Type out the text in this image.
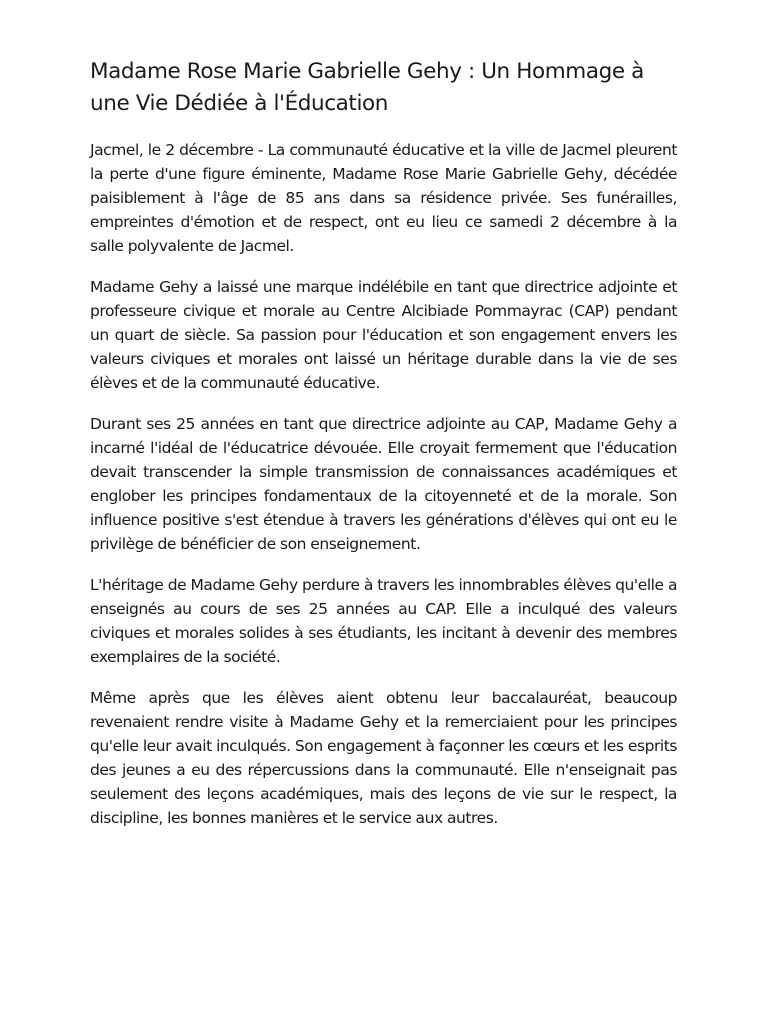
Madame Rose Marie Gabrielle Gehy : Un Hommage à une Vie Dédiée à l'Éducation

Jacmel, le 2 décembre - La communauté éducative et la ville de Jacmel pleurent la perte d'une figure éminente, Madame Rose Marie Gabrielle Gehy, décédée paisiblement à l'âge de 85 ans dans sa résidence privée. Ses funérailles, empreintes d'émotion et de respect, ont eu lieu ce samedi 2 décembre à la salle polyvalente de Jacmel.

Madame Gehy a laissé une marque indélébile en tant que directrice adjointe et professeure civique et morale au Centre Alcibiade Pommayrac (CAP) pendant un quart de siècle. Sa passion pour l'éducation et son engagement envers les valeurs civiques et morales ont laissé un héritage durable dans la vie de ses élèves et de la communauté éducative.

Durant ses 25 années en tant que directrice adjointe au CAP, Madame Gehy a incarné l'idéal de l'éducatrice dévouée. Elle croyait fermement que l'éducation devait transcender la simple transmission de connaissances académiques et englober les principes fondamentaux de la citoyenneté et de la morale. Son influence positive s'est étendue à travers les générations d'élèves qui ont eu le privilège de bénéficier de son enseignement.

L'héritage de Madame Gehy perdure à travers les innombrables élèves qu'elle a enseignés au cours de ses 25 années au CAP. Elle a inculqué des valeurs civiques et morales solides à ses étudiants, les incitant à devenir des membres exemplaires de la société.

Même après que les élèves aient obtenu leur baccalauréat, beaucoup revenaient rendre visite à Madame Gehy et la remerciaient pour les principes qu'elle leur avait inculqués. Son engagement à façonner les cœurs et les esprits des jeunes a eu des répercussions dans la communauté. Elle n'enseignait pas seulement des leçons académiques, mais des leçons de vie sur le respect, la discipline, les bonnes manières et le service aux autres.
